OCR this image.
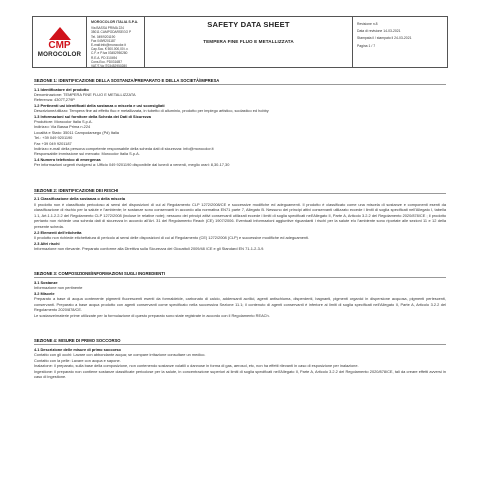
CMP
MOROCOLOR
MOROCOLOR ITALIA S.P.A.
Via BASSA PRIMA 224
35011 CAMPODARSEGO P
Tel. 049/9201190
Fax 049/9201187
E-mail:info@morocolor.it
Cap.Soc. € 500.000,00 i.v.
C.F. e P.Iva 03452950280
R.E.A. PD 310494
Cons.Eco. PD0316B7
VAT/T.Va IT03452950280
SAFETY DATA SHEET
TEMPERA FINE FLUO E METALLIZZATA
Revisione n.8
Data di revisione 14-03-2021
Stampata il / stampato il 24-03-2021
Pagina 1 / 7
SEZIONE 1: IDENTIFICAZIONE DELLA SOSTANZA/PREPARATO E DELLA SOCIETÀ/IMPRESA
1.1 Identificatore del prodotto
Denominazione: TEMPERA FINE FLUO E METALLIZZATA
Referenza: 4307T,279P
1.2 Pertinenti usi identificati della sostanza o miscela e usi sconsigliati
Descrizione/utilizzo: Tempera fine ad effetto fluo e metallizzata, in tubetto di alluminio, prodotto per impiego artistico, scolastico ed hobby
1.3 Informazioni sul fornitore della Scheda dei Dati di Sicurezza
Produttore: Morocolor Italia S.p.A.
Indirizzo: Via Bassa Prima n.224
Località e Stato: 35011 Campodarsego (Pd) Italia
Tel.: +39 049 9201190
Fax +39 049 9201187
Indirizzo e-mail della persona competente responsabile della scheda dati di sicurezza: info@morocolor.it
Responsabile immissione sul mercato: Morocolor Italia S.p.A.
1.4 Numero telefonico di emergenza
Per informazioni urgenti rivolgersi a: Ufficio 049 9201190 disponibile dal lunedì a venerdì, meglio orari: 8,30-17,30
SEZIONE 2: IDENTIFICAZIONE DEI RISCHI
2.1 Classificazione della sostanza o della miscela
Il prodotto non è classificato pericoloso ai sensi del disposizioni di cui al Regolamento CLP 1272/2008/CE e successive modifiche ed adeguamenti. Il prodotto è classificato come una miscela di sostanze e componenti esenti da classificazione di rischio per la salute e l'ambiente; le sostanze sono conservanti in accordo alla normativa EN71 parte 7, Allegato B. Nessuno dei principi attivi conservanti utilizzato eccede i limiti di soglia specificati nell'Allegato I, tabella 1.1, Art.1.1.2.2.2 del Regolamento CLP 1272/2008 (incluse le relative note); nessuno dei principi attivi conservanti utilizzati eccede i limiti di soglia specificati nell'Allegato II, Parte A, Articolo 3.2.2 del Regolamento 2020/878/CE ; il prodotto pertanto non richiede una scheda dati di sicurezza in accordo all'Art. 31 del Regolamento Reach (CE) 1907/2006. Eventuali informazioni aggiuntive riguardanti i rischi per la salute e/o l'ambiente sono riportate alle sezioni 11 e 12 della presente scheda.
2.2 Elementi dell'etichetta
Il prodotto non richiede etichettatura di pericolo ai sensi delle disposizioni di cui al Regolamento (CE) 1272/2008 (CLP) e successive modifiche ed adeguamenti.
2.3 Altri rischi
Informazione non rilevante. Preparato conforme alla Direttiva sulla Sicurezza dei Giocattoli 2009/48 /CE e gli Standard EN 71-1-2-3-9.
SEZIONE 3: COMPOSIZIONE/INFORMAZIONI SUGLI INGREDIENTI
3.1 Sostanze
Informazione non pertinente
3.2 Miscele
Preparato a base di acqua contenente pigmenti fluorescenti esenti da formaldeide, carbonato di calcio, addensanti acrilici, agenti antischiuma, disperdenti, bagnanti, pigmenti organici in dispersione acquosa, pigmenti perlescenti, conservanti. Preparato a base acqua prodotto con agenti conservanti come specificato nella successiva Sezione 11.1; il contenuto di agenti conservanti è inferiore ai limiti di soglia specificati nell'Allegato II, Parte A, Articolo 3.2.2 del Regolamento 2020/878/CE.
Le sostanze/materie prime utilizzate per la formulazione di questo preparato sono state registrate in accordo con il Regolamento REACh.
SEZIONE 4: MISURE DI PRIMO SOCCORSO
4.1 Descrizione delle misure di primo soccorso
Contatto con gli occhi: Lavare con abbondante acqua; se compare irritazione consultare un medico.
Contatto con la pelle: Lavare con acqua e sapone.
Inalazione: il preparato, sulla base della composizione, non contenendo sostanze volatili o dannose in forma di gas, aerosol, etc, non ha effetti rilevanti in caso di esposizione per inalazione.
Ingestione: il preparato non contiene sostanze classificate pericolose per la salute, in concentrazione superiori ai limiti di soglia specificati nell'Allegato II, Parte A, Articolo 3.2.2 del Regolamento 2020/878/CE, tali da creare effetti avversi in caso di ingestione.
